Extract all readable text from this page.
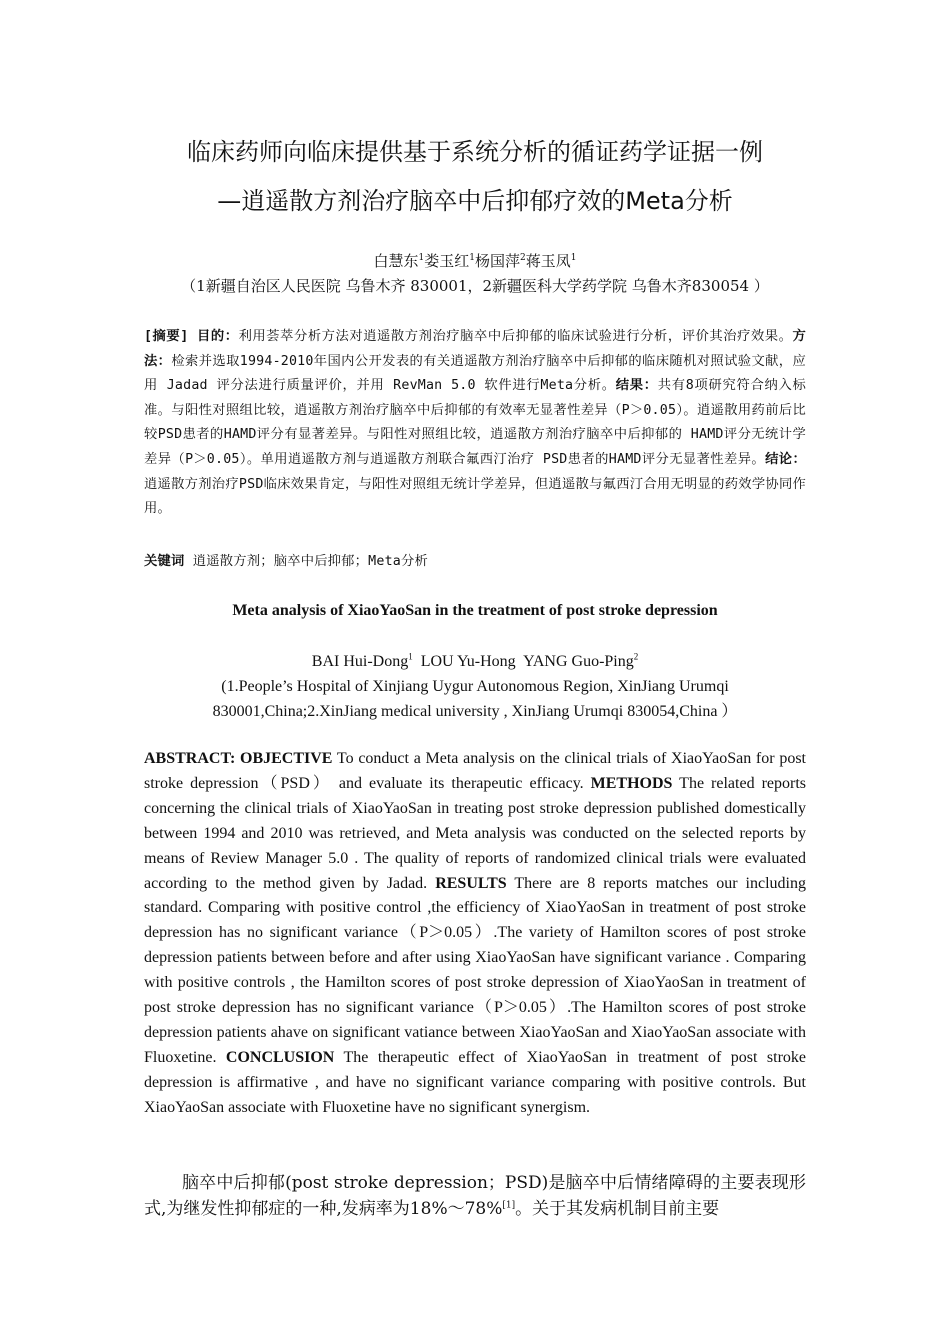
临床药师向临床提供基于系统分析的循证药学证据一例
—逍遥散方剂治疗脑卒中后抑郁疗效的Meta分析
白慧东$^1$娄玉红$^1$杨国萍$^2$蒋玉凤$^1$
（1新疆自治区人民医院 乌鲁木齐 830001，2新疆医科大学药学院 乌鲁木齐830054 ）
[摘要] 目的：利用荟萃分析方法对逍遥散方剂治疗脑卒中后抑郁的临床试验进行分析，评价其治疗效果。方法：检索并选取1994-2010年国内公开发表的有关逍遥散方剂治疗脑卒中后抑郁的临床随机对照试验文献，应用 Jadad 评分法进行质量评价，并用 RevMan 5.0 软件进行Meta分析。结果：共有8项研究符合纳入标准。与阳性对照组比较，逍遥散方剂治疗脑卒中后抑郁的有效率无显著性差异（P＞0.05）。逍遥散用药前后比较PSD患者的HAMD评分有显著差异。与阳性对照组比较，逍遥散方剂治疗脑卒中后抑郁的 HAMD评分无统计学差异（P＞0.05）。单用逍遥散方剂与逍遥散方剂联合氟西汀治疗 PSD患者的HAMD评分无显著性差异。结论：逍遥散方剂治疗PSD临床效果肯定，与阳性对照组无统计学差异，但逍遥散与氟西汀合用无明显的药效学协同作用。
关键词 逍遥散方剂；脑卒中后抑郁；Meta分析
Meta analysis of XiaoYaoSan in the treatment of post stroke depression
BAI Hui-Dong$^1$ LOU Yu-Hong YANG Guo-Ping$^2$
(1.People’s Hospital of Xinjiang Uygur Autonomous Region, XinJiang Urumqi
830001,China;2.XinJiang medical university , XinJiang Urumqi 830054,China ）
ABSTRACT: OBJECTIVE To conduct a Meta analysis on the clinical trials of XiaoYaoSan for post stroke depression（PSD） and evaluate its therapeutic efficacy. METHODS The related reports concerning the clinical trials of XiaoYaoSan in treating post stroke depression published domestically between 1994 and 2010 was retrieved, and Meta analysis was conducted on the selected reports by means of Review Manager 5.0 . The quality of reports of randomized clinical trials were evaluated according to the method given by Jadad. RESULTS There are 8 reports matches our including standard. Comparing with positive control ,the efficiency of XiaoYaoSan in treatment of post stroke depression has no significant variance（P＞0.05）.The variety of Hamilton scores of post stroke depression patients between before and after using XiaoYaoSan have significant variance . Comparing with positive controls , the Hamilton scores of post stroke depression of XiaoYaoSan in treatment of post stroke depression has no significant variance（P＞0.05）.The Hamilton scores of post stroke depression patients ahave on significant vatiance between XiaoYaoSan and XiaoYaoSan associate with Fluoxetine. CONCLUSION The therapeutic effect of XiaoYaoSan in treatment of post stroke depression is affirmative , and have no significant variance comparing with positive controls. But XiaoYaoSan associate with Fluoxetine have no significant synergism.
脑卒中后抑郁(post stroke depression；PSD)是脑卒中后情绪障碍的主要表现形式,为继发性抑郁症的一种,发病率为18%～78%[1]。关于其发病机制目前主要
